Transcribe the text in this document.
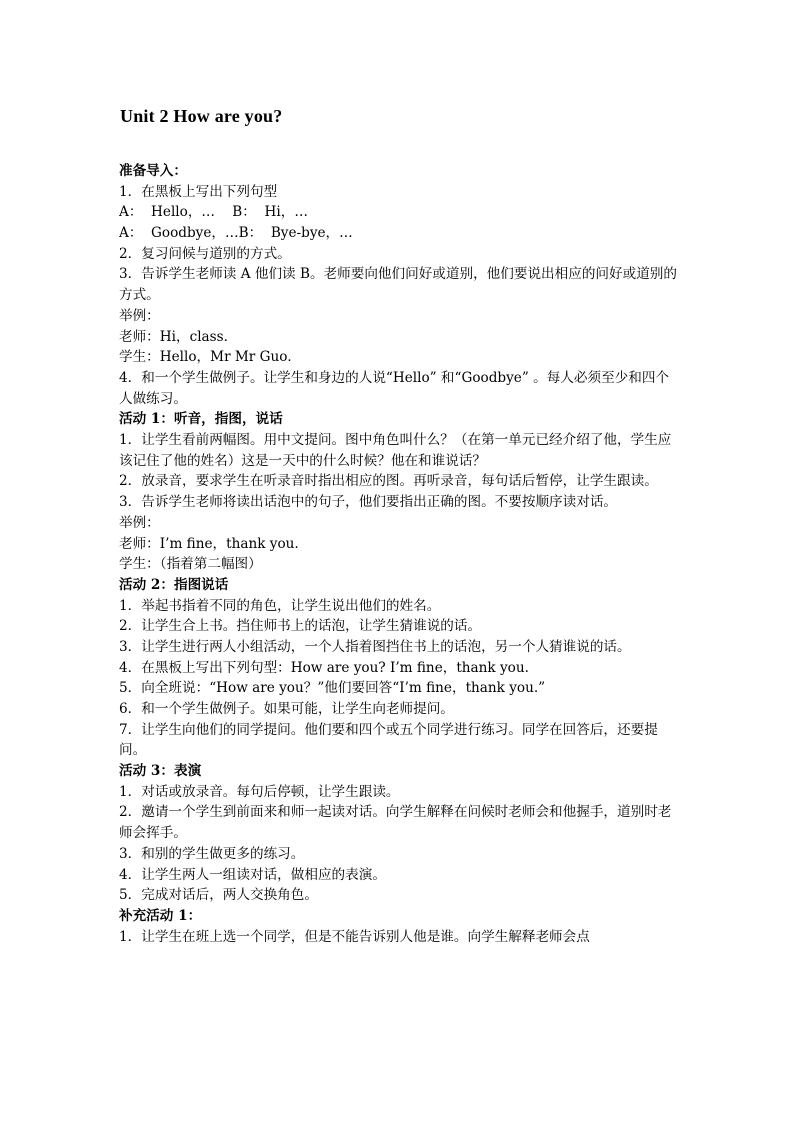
Unit 2 How are you?
准备导入：
1．在黑板上写出下列句型
A：  Hello，…    B：  Hi，…
A：  Goodbye，…B：  Bye-bye，…
2．复习问候与道别的方式。
3．告诉学生老师读 A 他们读 B。老师要向他们问好或道别，他们要说出相应的问好或道别的方式。
举例：
老师：Hi，class．
学生：Hello，Mr Mr Guo．
4．和一个学生做例子。让学生和身边的人说“Hello” 和“Goodbye” 。每人必须至少和四个人做练习。
活动 1：听音，指图，说话
1．让学生看前两幅图。用中文提问。图中角色叫什么？（在第一单元已经介绍了他，学生应该记住了他的姓名）这是一天中的什么时候？他在和谁说话？
2．放录音，要求学生在听录音时指出相应的图。再听录音，每句话后暂停，让学生跟读。
3．告诉学生老师将读出话泡中的句子，他们要指出正确的图。不要按顺序读对话。
举例：
老师：I’m fine，thank you.
学生：（指着第二幅图）
活动 2：指图说话
1．举起书指着不同的角色，让学生说出他们的姓名。
2．让学生合上书。挡住师书上的话泡，让学生猜谁说的话。
3．让学生进行两人小组活动，一个人指着图挡住书上的话泡，另一个人猜谁说的话。
4．在黑板上写出下列句型：How are you? I’m fine，thank you.
5．向全班说：“How are you？”他们要回答“I’m fine，thank you.”
6．和一个学生做例子。如果可能，让学生向老师提问。
7．让学生向他们的同学提问。他们要和四个或五个同学进行练习。同学在回答后，还要提问。
活动 3：表演
1．对话或放录音。每句后停顿，让学生跟读。
2．邀请一个学生到前面来和师一起读对话。向学生解释在问候时老师会和他握手，道别时老师会挥手。
3．和别的学生做更多的练习。
4．让学生两人一组读对话，做相应的表演。
5．完成对话后，两人交换角色。
补充活动 1：
1．让学生在班上选一个同学，但是不能告诉别人他是谁。向学生解释老师会点
